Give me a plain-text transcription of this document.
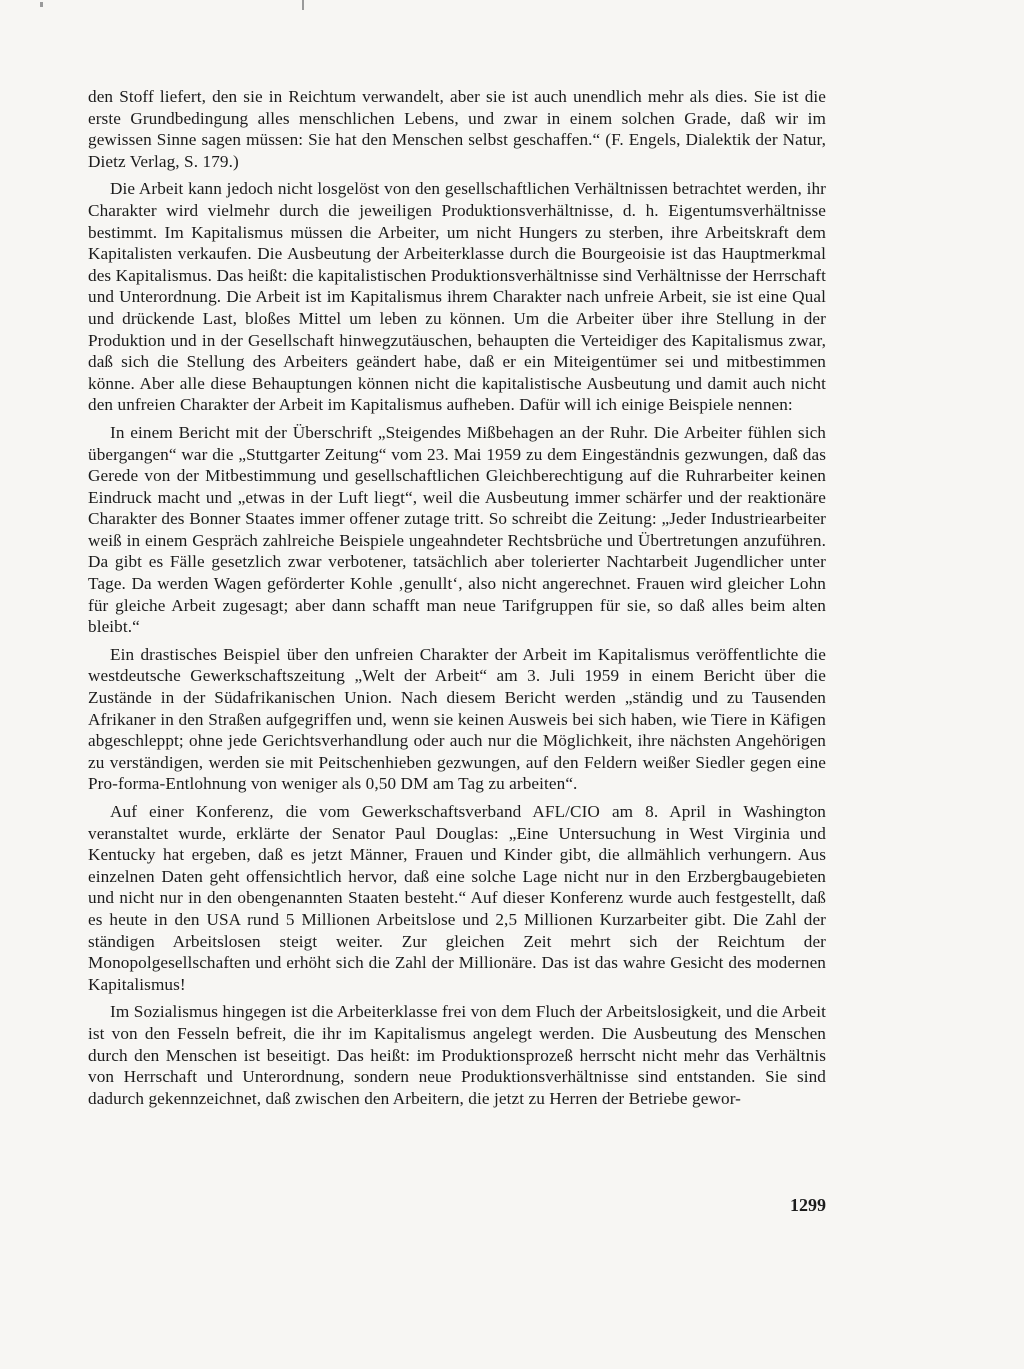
den Stoff liefert, den sie in Reichtum verwandelt, aber sie ist auch unendlich mehr als dies. Sie ist die erste Grundbedingung alles menschlichen Lebens, und zwar in einem solchen Grade, daß wir im gewissen Sinne sagen müssen: Sie hat den Menschen selbst geschaffen.“ (F. Engels, Dialektik der Natur, Dietz Verlag, S. 179.)

Die Arbeit kann jedoch nicht losgelöst von den gesellschaftlichen Verhältnissen betrachtet werden, ihr Charakter wird vielmehr durch die jeweiligen Produktionsverhältnisse, d. h. Eigentumsverhältnisse bestimmt. Im Kapitalismus müssen die Arbeiter, um nicht Hungers zu sterben, ihre Arbeitskraft dem Kapitalisten verkaufen. Die Ausbeutung der Arbeiterklasse durch die Bourgeoisie ist das Hauptmerkmal des Kapitalismus. Das heißt: die kapitalistischen Produktionsverhältnisse sind Verhältnisse der Herrschaft und Unterordnung. Die Arbeit ist im Kapitalismus ihrem Charakter nach unfreie Arbeit, sie ist eine Qual und drückende Last, bloßes Mittel um leben zu können. Um die Arbeiter über ihre Stellung in der Produktion und in der Gesellschaft hinwegzutäuschen, behaupten die Verteidiger des Kapitalismus zwar, daß sich die Stellung des Arbeiters geändert habe, daß er ein Miteigentümer sei und mitbestimmen könne. Aber alle diese Behauptungen können nicht die kapitalistische Ausbeutung und damit auch nicht den unfreien Charakter der Arbeit im Kapitalismus aufheben. Dafür will ich einige Beispiele nennen:

In einem Bericht mit der Überschrift „Steigendes Mißbehagen an der Ruhr. Die Arbeiter fühlen sich übergangen“ war die „Stuttgarter Zeitung“ vom 23. Mai 1959 zu dem Eingeständnis gezwungen, daß das Gerede von der Mitbestimmung und gesellschaftlichen Gleichberechtigung auf die Ruhrarbeiter keinen Eindruck macht und „etwas in der Luft liegt“, weil die Ausbeutung immer schärfer und der reaktionäre Charakter des Bonner Staates immer offener zutage tritt. So schreibt die Zeitung: „Jeder Industriearbeiter weiß in einem Gespräch zahlreiche Beispiele ungeahndeter Rechtsbrüche und Übertretungen anzuführen. Da gibt es Fälle gesetzlich zwar verbotener, tatsächlich aber tolerierter Nachtarbeit Jugendlicher unter Tage. Da werden Wagen geförderter Kohle ‚genullt‘, also nicht angerechnet. Frauen wird gleicher Lohn für gleiche Arbeit zugesagt; aber dann schafft man neue Tarifgruppen für sie, so daß alles beim alten bleibt.“

Ein drastisches Beispiel über den unfreien Charakter der Arbeit im Kapitalismus veröffentlichte die westdeutsche Gewerkschaftszeitung „Welt der Arbeit“ am 3. Juli 1959 in einem Bericht über die Zustände in der Südafrikanischen Union. Nach diesem Bericht werden „ständig und zu Tausenden Afrikaner in den Straßen aufgegriffen und, wenn sie keinen Ausweis bei sich haben, wie Tiere in Käfigen abgeschleppt; ohne jede Gerichtsverhandlung oder auch nur die Möglichkeit, ihre nächsten Angehörigen zu verständigen, werden sie mit Peitschenhieben gezwungen, auf den Feldern weißer Siedler gegen eine Pro-forma-Entlohnung von weniger als 0,50 DM am Tag zu arbeiten“.

Auf einer Konferenz, die vom Gewerkschaftsverband AFL/CIO am 8. April in Washington veranstaltet wurde, erklärte der Senator Paul Douglas: „Eine Untersuchung in West Virginia und Kentucky hat ergeben, daß es jetzt Männer, Frauen und Kinder gibt, die allmählich verhungern. Aus einzelnen Daten geht offensichtlich hervor, daß eine solche Lage nicht nur in den Erzbergbaugebieten und nicht nur in den obengenannten Staaten besteht.“ Auf dieser Konferenz wurde auch festgestellt, daß es heute in den USA rund 5 Millionen Arbeitslose und 2,5 Millionen Kurzarbeiter gibt. Die Zahl der ständigen Arbeitslosen steigt weiter. Zur gleichen Zeit mehrt sich der Reichtum der Monopolgesellschaften und erhöht sich die Zahl der Millionäre. Das ist das wahre Gesicht des modernen Kapitalismus!

Im Sozialismus hingegen ist die Arbeiterklasse frei von dem Fluch der Arbeitslosigkeit, und die Arbeit ist von den Fesseln befreit, die ihr im Kapitalismus angelegt werden. Die Ausbeutung des Menschen durch den Menschen ist beseitigt. Das heißt: im Produktionsprozeß herrscht nicht mehr das Verhältnis von Herrschaft und Unterordnung, sondern neue Produktionsverhältnisse sind entstanden. Sie sind dadurch gekennzeichnet, daß zwischen den Arbeitern, die jetzt zu Herren der Betriebe gewor-

1299
